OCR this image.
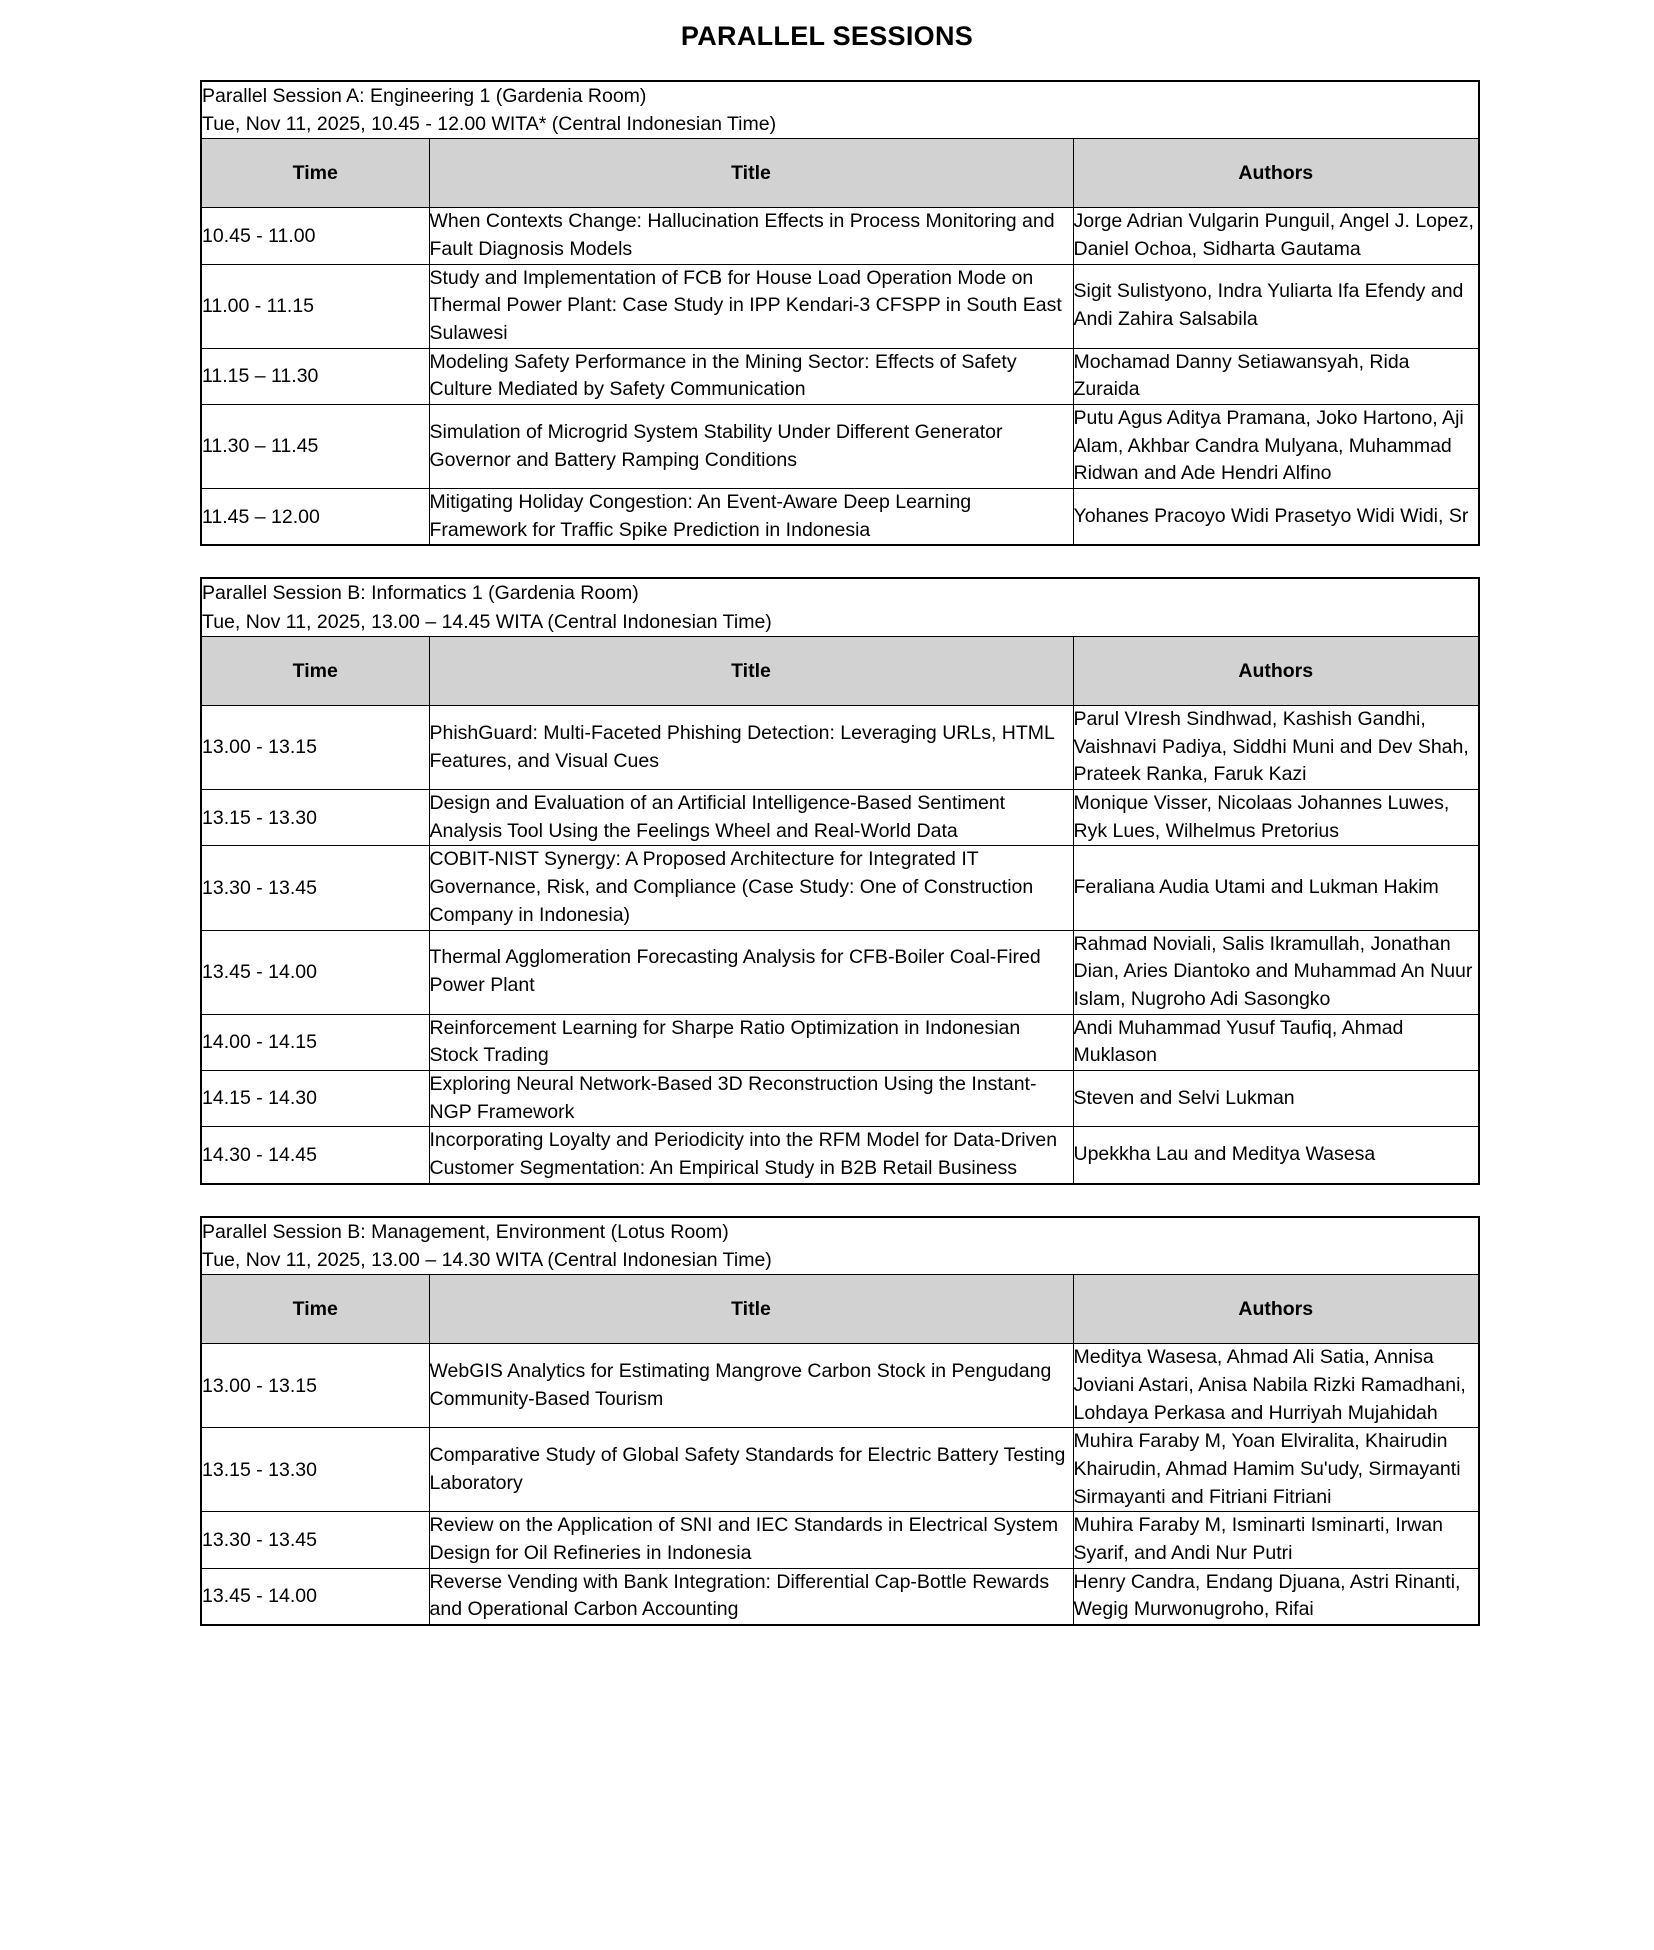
PARALLEL SESSIONS
Parallel Session A: Engineering 1 (Gardenia Room)
Tue, Nov 11, 2025, 10.45 - 12.00 WITA* (Central Indonesian Time)		

Time	Title	Authors
10.45 - 11.00	When Contexts Change: Hallucination Effects in Process Monitoring and Fault Diagnosis Models	Jorge Adrian Vulgarin Punguil, Angel J. Lopez, Daniel Ochoa, Sidharta Gautama
11.00 - 11.15	Study and Implementation of FCB for House Load Operation Mode on Thermal Power Plant: Case Study in IPP Kendari-3 CFSPP in South East Sulawesi	Sigit Sulistyono, Indra Yuliarta Ifa Efendy and Andi Zahira Salsabila
11.15 – 11.30	Modeling Safety Performance in the Mining Sector: Effects of Safety Culture Mediated by Safety Communication	Mochamad Danny Setiawansyah, Rida Zuraida
11.30 – 11.45	Simulation of Microgrid System Stability Under Different Generator Governor and Battery Ramping Conditions	Putu Agus Aditya Pramana, Joko Hartono, Aji Alam, Akhbar Candra Mulyana, Muhammad Ridwan and Ade Hendri Alfino
11.45 – 12.00	Mitigating Holiday Congestion: An Event-Aware Deep Learning Framework for Traffic Spike Prediction in Indonesia	Yohanes Pracoyo Widi Prasetyo Widi Widi, Sr
Parallel Session B: Informatics 1 (Gardenia Room)
Tue, Nov 11, 2025, 13.00 – 14.45 WITA (Central Indonesian Time)		

Time	Title	Authors
13.00 - 13.15	PhishGuard: Multi-Faceted Phishing Detection: Leveraging URLs, HTML Features, and Visual Cues	Parul VIresh Sindhwad, Kashish Gandhi, Vaishnavi Padiya, Siddhi Muni and Dev Shah, Prateek Ranka, Faruk Kazi
13.15 - 13.30	Design and Evaluation of an Artificial Intelligence-Based Sentiment Analysis Tool Using the Feelings Wheel and Real-World Data	Monique Visser, Nicolaas Johannes Luwes, Ryk Lues, Wilhelmus Pretorius
13.30 - 13.45	COBIT-NIST Synergy: A Proposed Architecture for Integrated IT Governance, Risk, and Compliance (Case Study: One of Construction Company in Indonesia)	Feraliana Audia Utami and Lukman Hakim
13.45 - 14.00	Thermal Agglomeration Forecasting Analysis for CFB-Boiler Coal-Fired Power Plant	Rahmad Noviali, Salis Ikramullah, Jonathan Dian, Aries Diantoko and Muhammad An Nuur Islam, Nugroho Adi Sasongko
14.00 - 14.15	Reinforcement Learning for Sharpe Ratio Optimization in Indonesian Stock Trading	Andi Muhammad Yusuf Taufiq, Ahmad Muklason
14.15 - 14.30	Exploring Neural Network-Based 3D Reconstruction Using the Instant-NGP Framework	Steven and Selvi Lukman
14.30 - 14.45	Incorporating Loyalty and Periodicity into the RFM Model for Data-Driven Customer Segmentation: An Empirical Study in B2B Retail Business	Upekkha Lau and Meditya Wasesa
Parallel Session B: Management, Environment (Lotus Room)
Tue, Nov 11, 2025, 13.00 – 14.30 WITA (Central Indonesian Time)		

Time	Title	Authors
13.00 - 13.15	WebGIS Analytics for Estimating Mangrove Carbon Stock in Pengudang Community-Based Tourism	Meditya Wasesa, Ahmad Ali Satia, Annisa Joviani Astari, Anisa Nabila Rizki Ramadhani, Lohdaya Perkasa and Hurriyah Mujahidah
13.15 - 13.30	Comparative Study of Global Safety Standards for Electric Battery Testing Laboratory	Muhira Faraby M, Yoan Elviralita, Khairudin Khairudin, Ahmad Hamim Su'udy, Sirmayanti Sirmayanti and Fitriani Fitriani
13.30 - 13.45	Review on the Application of SNI and IEC Standards in Electrical System Design for Oil Refineries in Indonesia	Muhira Faraby M, Isminarti Isminarti, Irwan Syarif, and Andi Nur Putri
13.45 - 14.00	Reverse Vending with Bank Integration: Differential Cap-Bottle Rewards and Operational Carbon Accounting	Henry Candra, Endang Djuana, Astri Rinanti, Wegig Murwonugroho, Rifai
